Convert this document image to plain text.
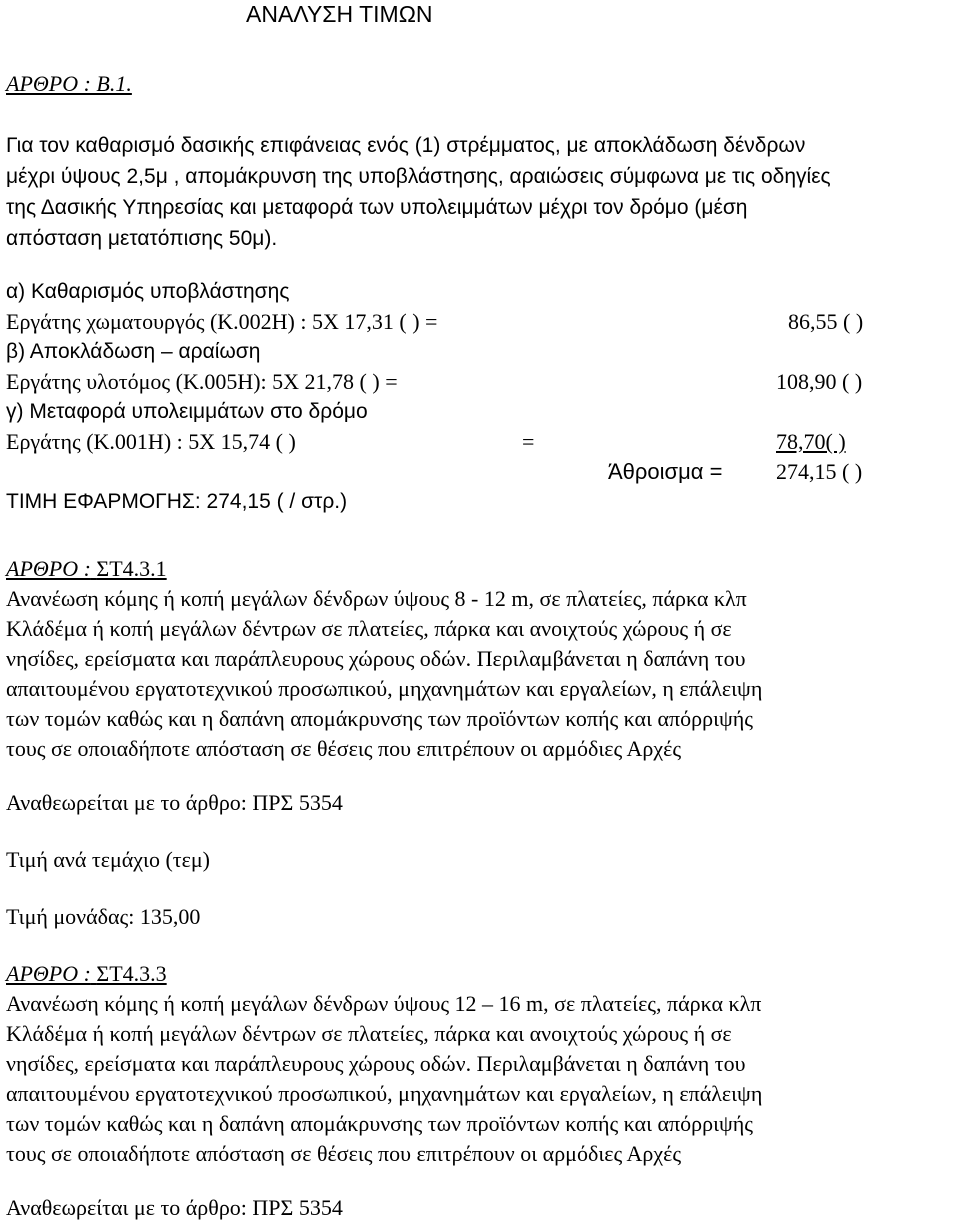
ΑΝΑΛΥΣΗ ΤΙΜΩΝ
ΑΡΘΡΟ : Β.1.
Για τον καθαρισμό δασικής επιφάνειας ενός (1) στρέμματος, με αποκλάδωση δένδρων
μέχρι ύψους 2,5μ , απομάκρυνση της υποβλάστησης, αραιώσεις σύμφωνα με τις οδηγίες
της Δασικής Υπηρεσίας και μεταφορά των υπολειμμάτων μέχρι τον δρόμο (μέση
απόσταση μετατόπισης 50μ).
α) Καθαρισμός υποβλάστησης
Εργάτης χωματουργός (Κ.002Η) : 5Χ 17,31 ( ) =	86,55 ( )
β) Αποκλάδωση – αραίωση
Εργάτης υλοτόμος (Κ.005Η): 5Χ 21,78 ( ) =	108,90 ( )
γ) Μεταφορά υπολειμμάτων στο δρόμο
Εργάτης (Κ.001Η) : 5Χ 15,74 ( )	=	78,70( )
Άθροισμα = 274,15 ( )
ΤΙΜΗ ΕΦΑΡΜΟΓΗΣ: 274,15 ( / στρ.)
ΑΡΘΡΟ : ΣΤ4.3.1
Ανανέωση κόμης ή κοπή μεγάλων δένδρων ύψους 8 - 12 m, σε πλατείες, πάρκα κλπ
Κλάδέμα ή κοπή μεγάλων δέντρων σε πλατείες, πάρκα και ανοιχτούς χώρους ή σε
νησίδες, ερείσματα και παράπλευρους χώρους οδών. Περιλαμβάνεται η δαπάνη του
απαιτουμένου εργατοτεχνικού προσωπικού, μηχανημάτων και εργαλείων, η επάλειψη
των τομών καθώς και η δαπάνη απομάκρυνσης των προϊόντων κοπής και απόρριψής
τους σε οποιαδήποτε απόσταση σε θέσεις που επιτρέπουν οι αρμόδιες Αρχές
Αναθεωρείται με το άρθρο: ΠΡΣ 5354
Τιμή ανά τεμάχιο (τεμ)
Τιμή μονάδας: 135,00
ΑΡΘΡΟ : ΣΤ4.3.3
Ανανέωση κόμης ή κοπή μεγάλων δένδρων ύψους 12 – 16 m, σε πλατείες, πάρκα κλπ
Κλάδέμα ή κοπή μεγάλων δέντρων σε πλατείες, πάρκα και ανοιχτούς χώρους ή σε
νησίδες, ερείσματα και παράπλευρους χώρους οδών. Περιλαμβάνεται η δαπάνη του
απαιτουμένου εργατοτεχνικού προσωπικού, μηχανημάτων και εργαλείων, η επάλειψη
των τομών καθώς και η δαπάνη απομάκρυνσης των προϊόντων κοπής και απόρριψής
τους σε οποιαδήποτε απόσταση σε θέσεις που επιτρέπουν οι αρμόδιες Αρχές
Αναθεωρείται με το άρθρο: ΠΡΣ 5354
